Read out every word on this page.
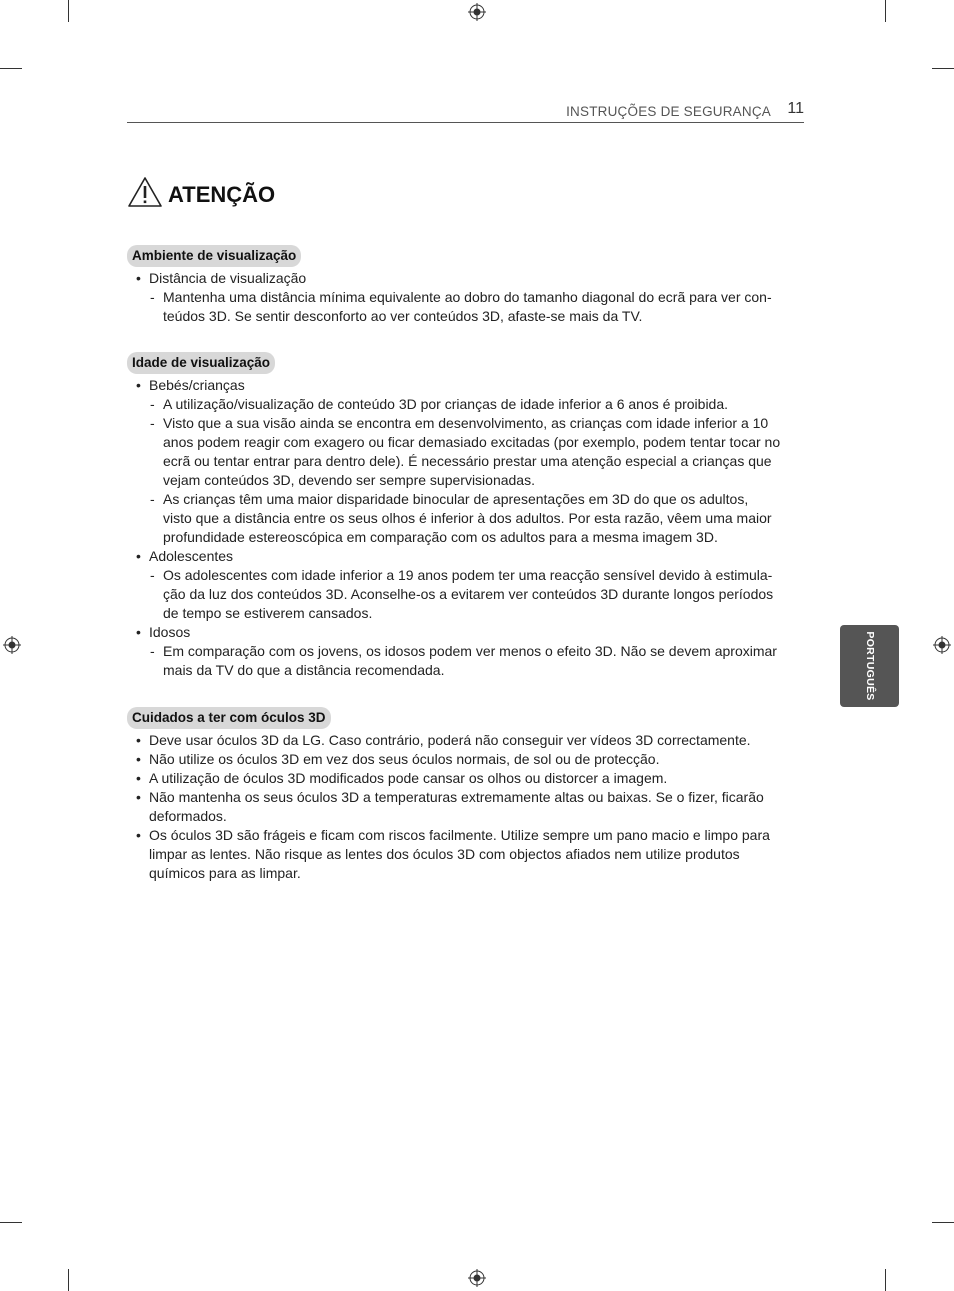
INSTRUÇÕES DE SEGURANÇA 11
ATENÇÃO
Ambiente de visualização
• Distância de visualização
- Mantenha uma distância mínima equivalente ao dobro do tamanho diagonal do ecrã para ver con-
teúdos 3D. Se sentir desconforto ao ver conteúdos 3D, afaste-se mais da TV.
Idade de visualização
• Bebés/crianças
- A utilização/visualização de conteúdo 3D por crianças de idade inferior a 6 anos é proibida.
- Visto que a sua visão ainda se encontra em desenvolvimento, as crianças com idade inferior a 10
anos podem reagir com exagero ou ficar demasiado excitadas (por exemplo, podem tentar tocar no
ecrã ou tentar entrar para dentro dele). É necessário prestar uma atenção especial a crianças que
vejam conteúdos 3D, devendo ser sempre supervisionadas.
- As crianças têm uma maior disparidade binocular de apresentações em 3D do que os adultos,
visto que a distância entre os seus olhos é inferior à dos adultos. Por esta razão, vêem uma maior
profundidade estereoscópica em comparação com os adultos para a mesma imagem 3D.
• Adolescentes
- Os adolescentes com idade inferior a 19 anos podem ter uma reacção sensível devido à estimula-
ção da luz dos conteúdos 3D. Aconselhe-os a evitarem ver conteúdos 3D durante longos períodos
de tempo se estiverem cansados.
• Idosos
- Em comparação com os jovens, os idosos podem ver menos o efeito 3D. Não se devem aproximar
mais da TV do que a distância recomendada.
Cuidados a ter com óculos 3D
• Deve usar óculos 3D da LG. Caso contrário, poderá não conseguir ver vídeos 3D correctamente.
• Não utilize os óculos 3D em vez dos seus óculos normais, de sol ou de protecção.
• A utilização de óculos 3D modificados pode cansar os olhos ou distorcer a imagem.
• Não mantenha os seus óculos 3D a temperaturas extremamente altas ou baixas. Se o fizer, ficarão
deformados.
• Os óculos 3D são frágeis e ficam com riscos facilmente. Utilize sempre um pano macio e limpo para
limpar as lentes. Não risque as lentes dos óculos 3D com objectos afiados nem utilize produtos
químicos para as limpar.
PORTUGUÊS
